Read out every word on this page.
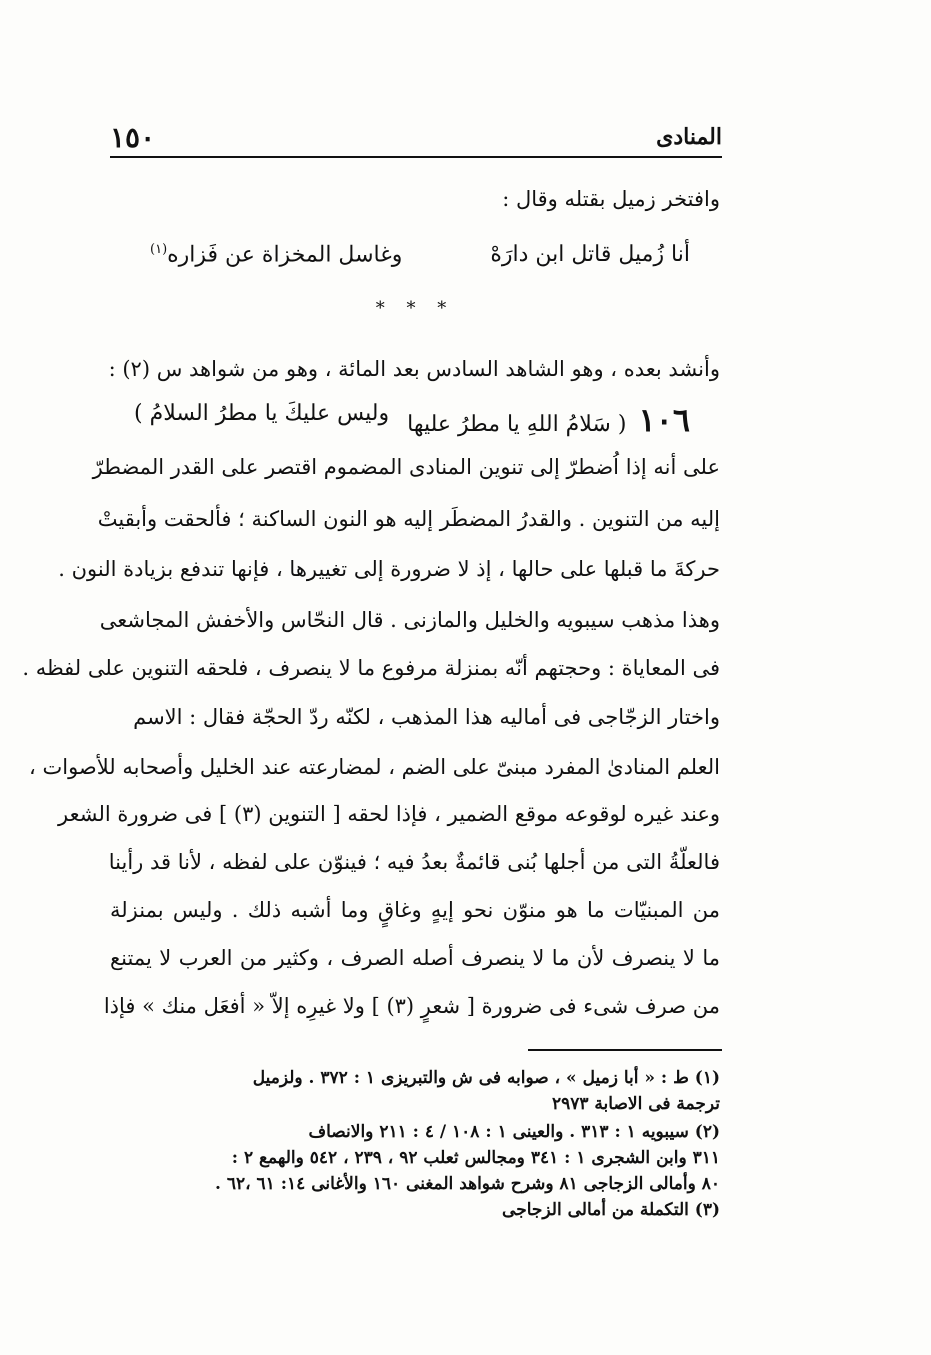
١٥٠	المنادى
وافتخر زميل بقتله وقال :
أنا زُميل قاتل ابن دارَهْ
وغاسل المخزاة عن فَزاره$^{(١)}$
* * *
وأنشد بعده ، وهو الشاهد السادس بعد المائة ، وهو من شواهد س (٢) :
١٠٦( سَلامُ اللهِ يا مطرُ عليها
وليس عليكَ يا مطرُ السلامُ )
على أنه إذا اُضطرّ إلى تنوين المنادى المضموم اقتصر على القدر المضطرّ
إليه من التنوين . والقدرُ المضطَر إليه هو النون الساكنة ؛ فألحقت وأبقيتْ
حركةَ ما قبلها على حالها ، إذ لا ضرورة إلى تغييرها ، فإنها تندفع بزيادة النون .
وهذا مذهب سيبويه والخليل والمازنى . قال النحّاس والأخفش المجاشعى
فى المعاياة : وحجتهم أنّه بمنزلة مرفوع ما لا ينصرف ، فلحقه التنوين على لفظه .
واختار الزجّاجى فى أماليه هذا المذهب ، لكنّه ردّ الحجّة فقال : الاسم
العلم المنادىٰ المفرد مبنىّ على الضم ، لمضارعته عند الخليل وأصحابه للأصوات ،
وعند غيره لوقوعه موقع الضمير ، فإذا لحقه [ التنوين (٣) ] فى ضرورة الشعر
فالعلّةُ التى من أجلها بُنى قائمةٌ بعدُ فيه ؛ فينوّن على لفظه ، لأنا قد رأينا
من المبنيّات ما هو منوّن نحو إيهٍ وغاقٍ وما أشبه ذلك . وليس بمنزلة
ما لا ينصرف لأن ما لا ينصرف أصله الصرف ، وكثير من العرب لا يمتنع
من صرف شىء فى ضرورة [ شعرٍ (٣) ] ولا غيرِه إلاّ « أفعَل منك » فإذا
(١) ط : « أبا زميل » ، صوابه فى ش والتبريزى ١ : ٣٧٢ . ولزميل
ترجمة فى الاصابة ٢٩٧٣
(٢) سيبويه ١ : ٣١٣ . والعينى ١ : ١٠٨ / ٤ : ٢١١ والانصاف
٣١١ وابن الشجرى ١ : ٣٤١ ومجالس ثعلب ٩٢ ، ٢٣٩ ، ٥٤٢ والهمع ٢ :
٨٠ وأمالى الزجاجى ٨١ وشرح شواهد المغنى ١٦٠ والأغانى ١٤: ٦١ ،٦٢ .
(٣) التكملة من أمالى الزجاجى
